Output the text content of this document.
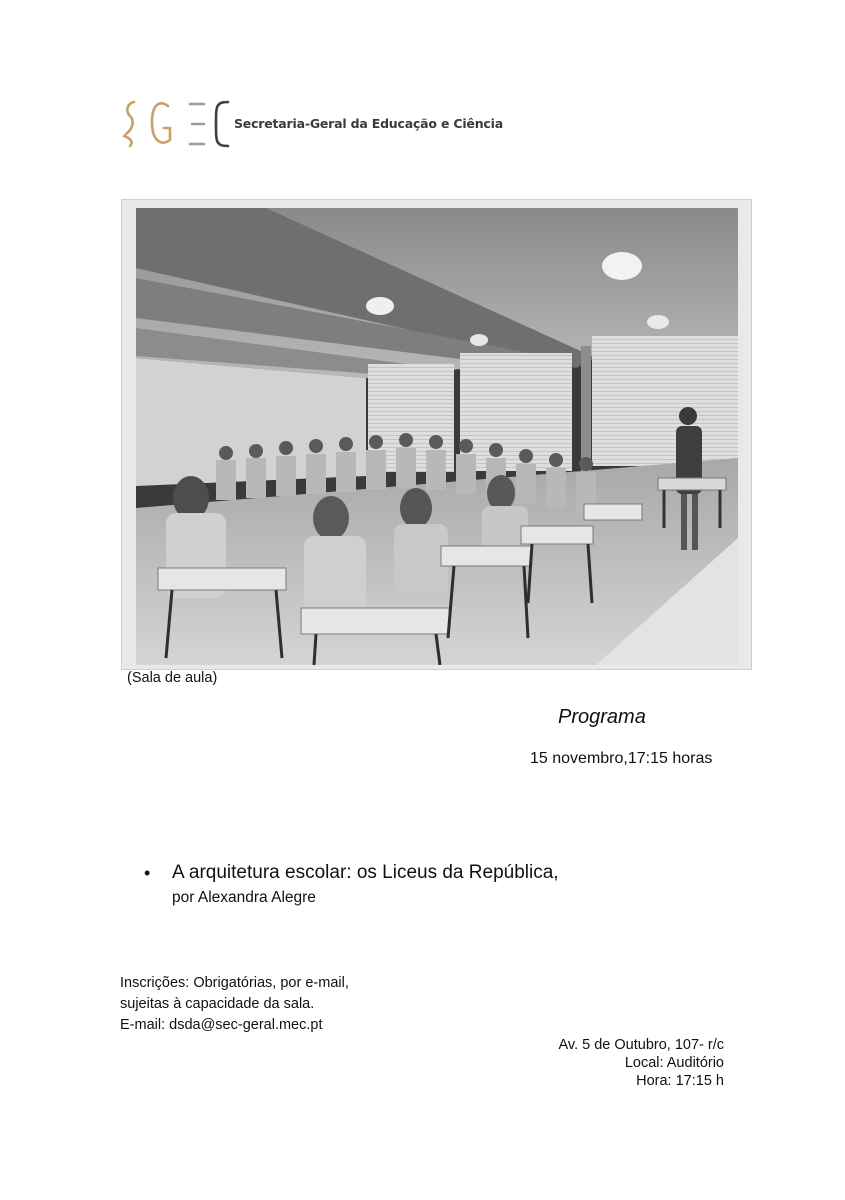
Secretaria-Geral da Educação e Ciência
(Sala de aula)
Programa
15 novembro,17:15 horas
• A arquitetura escolar: os Liceus da República,
por Alexandra Alegre
Inscrições: Obrigatórias, por e-mail,
sujeitas à capacidade da sala.
E-mail: dsda@sec-geral.mec.pt
Av. 5 de Outubro, 107- r/c
Local: Auditório
Hora: 17:15 h
